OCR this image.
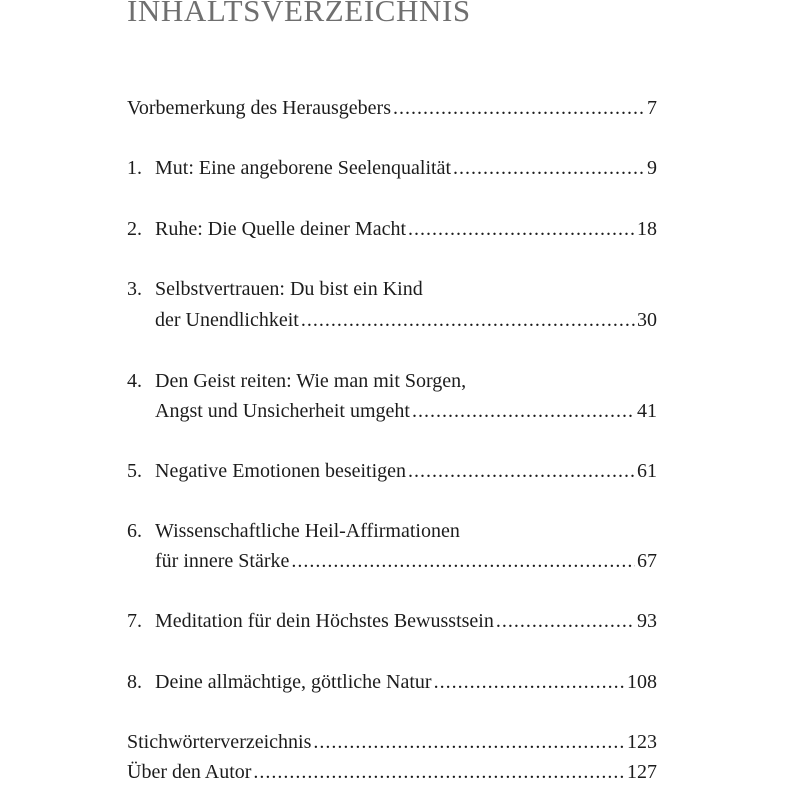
INHALTSVERZEICHNIS
Vorbemerkung des Herausgebers .....	7
1. Mut: Eine angeborene Seelenqualität .....	9
2. Ruhe: Die Quelle deiner Macht .....	18
3. Selbstvertrauen: Du bist ein Kind
der Unendlichkeit .....	30
4. Den Geist reiten: Wie man mit Sorgen,
Angst und Unsicherheit umgeht .....	41
5. Negative Emotionen beseitigen .....	61
6. Wissenschaftliche Heil-Affirmationen
für innere Stärke .....	67
7. Meditation für dein Höchstes Bewusstsein .....	93
8. Deine allmächtige, göttliche Natur .....	108
Stichwörterverzeichnis .....	123
Über den Autor .....	127
